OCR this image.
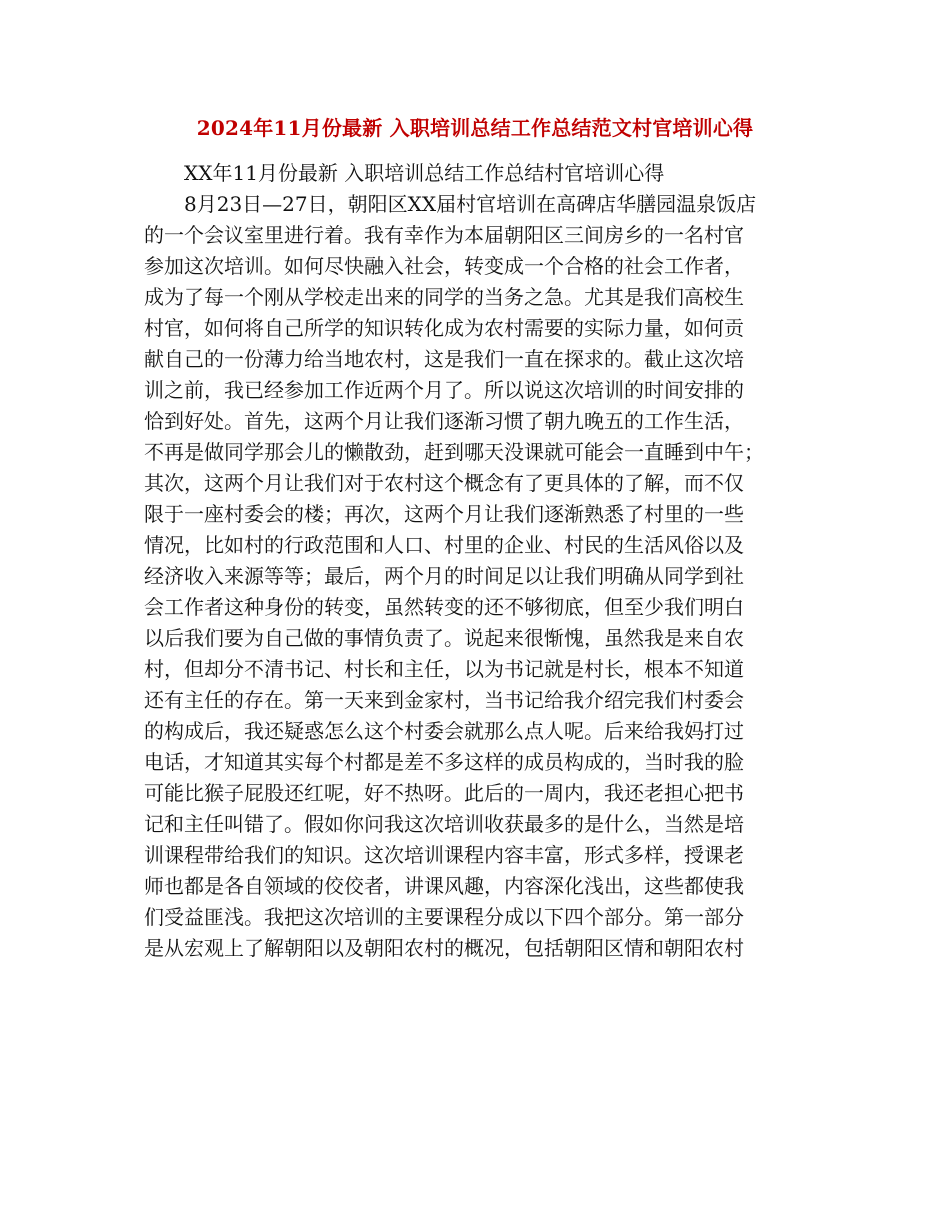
2024年11月份最新 入职培训总结工作总结范文村官培训心得

XX年11月份最新 入职培训总结工作总结村官培训心得

8月23日—27日，朝阳区XX届村官培训在高碑店华膳园温泉饭店

的一个会议室里进行着。我有幸作为本届朝阳区三间房乡的一名村官

参加这次培训。如何尽快融入社会，转变成一个合格的社会工作者，

成为了每一个刚从学校走出来的同学的当务之急。尤其是我们高校生

村官，如何将自己所学的知识转化成为农村需要的实际力量，如何贡

献自己的一份薄力给当地农村，这是我们一直在探求的。截止这次培

训之前，我已经参加工作近两个月了。所以说这次培训的时间安排的

恰到好处。首先，这两个月让我们逐渐习惯了朝九晚五的工作生活，

不再是做同学那会儿的懒散劲，赶到哪天没课就可能会一直睡到中午；

其次，这两个月让我们对于农村这个概念有了更具体的了解，而不仅

限于一座村委会的楼；再次，这两个月让我们逐渐熟悉了村里的一些

情况，比如村的行政范围和人口、村里的企业、村民的生活风俗以及

经济收入来源等等；最后，两个月的时间足以让我们明确从同学到社

会工作者这种身份的转变，虽然转变的还不够彻底，但至少我们明白

以后我们要为自己做的事情负责了。说起来很惭愧，虽然我是来自农

村，但却分不清书记、村长和主任，以为书记就是村长，根本不知道

还有主任的存在。第一天来到金家村，当书记给我介绍完我们村委会

的构成后，我还疑惑怎么这个村委会就那么点人呢。后来给我妈打过

电话，才知道其实每个村都是差不多这样的成员构成的，当时我的脸

可能比猴子屁股还红呢，好不热呀。此后的一周内，我还老担心把书

记和主任叫错了。假如你问我这次培训收获最多的是什么，当然是培

训课程带给我们的知识。这次培训课程内容丰富，形式多样，授课老

师也都是各自领域的佼佼者，讲课风趣，内容深化浅出，这些都使我

们受益匪浅。我把这次培训的主要课程分成以下四个部分。第一部分

是从宏观上了解朝阳以及朝阳农村的概况，包括朝阳区情和朝阳农村
